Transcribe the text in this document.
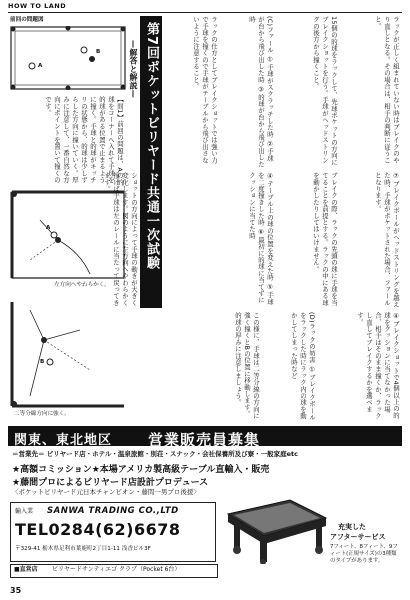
HOW TO LAND
前回の問題図
A
B	第7回ポケットビリヤード共通一次試験
—解答と解説—
【問1】前回の問題は、Aの的球をコーナーへ入れて手球を的球がある位置で止まるように撞く。手球と的球がキッチリの状態から、的球は少しずらした方向に撞いていく。厚みに注意して、一番自然な方向にポイントを置いて撞くのです。
A
左方向へやわらかく。
B
二等分線方向に強く。
ショットの方向によって手球の動きが大きく変化します。図のように左方向へやわらかく撞けば手球は左のレールに当たって戻ってきます。
この様に、手球は二等分線の方向に強く撞くとBの位置に移動します。的球の厚みに注意しましょう。
ラックの仕方としてブレイクショットでは強い力で手球を撞くので手球がテーブルから飛び出さないように注意すること。	(C)ファール ①手球がスクラッチした時 ②手球が台から飛び出した時 ③的球が台から飛び出した時
④テーブル上の球の位置を変えた時 ⑤手球を二度撞きした時 ⑥最初に的球に当てずにクッションに当てた時
(D)ラックの妨害 ①ブレイクボールをラックした時にラック内の球を動かしてしまった時など
ブレイクの際、ラックの先頭の球に手球を当てることを前提とする。ラックの中にある球を動かしたりしてはいけません。
15個の的球をラックして、先球ポケットの方向にブレイクショットを行う。手球がヘッドストリングの後方から撞くこと。	ラックが正しく組まれていない時はブレイクのやり直しとなる。その場合は、相手の判断に従うこと。
⑦ブレイクボールがヘッドストリングを越えた時、手球がポケットされた場合、ファールとなります。
④ブレイクショットで4個以上の的球をクッションに当てなかった場合、相手はそのまま撞くか、ラックし直してブレイクするかを選べます。
関東、東北地区 営業販売員募集
＝営業先＝ ビリヤード店・ホテル・温泉旅館・別荘・スナック・会社保養所及び寮・一般家庭etc
★高額コミッション★本場アメリカ製高級テーブル直輸入・販売
★藤間プロによるビリヤード店設計プロデュース
〈ポケットビリヤード元日本チャンピオン・藤間一男プロ後援〉
輸入業 SANWA TRADING CO.,LTD
TEL0284(62)6678
〒329-41 栃木県足利市葉鹿町2丁目1-11 浅香ビル3F
充実した
アフターサービス
7フィート、8フィート、9フィート(正規サイズ)の3種類のタイプがあります。
■直営店 ビリヤードサンティエゴ クラブ（Pocket 6台）
35
